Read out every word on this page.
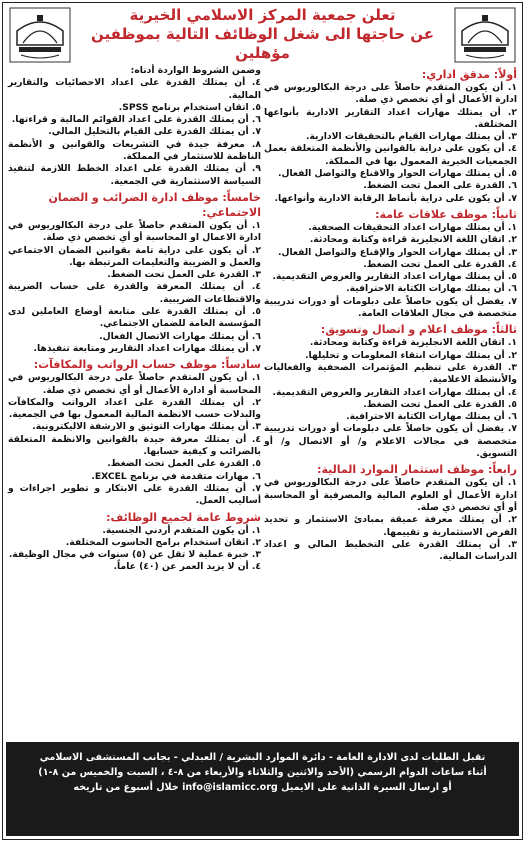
تعلن جمعية المركز الاسلامي الخيرية
عن حاجتها الى شغل الوظائف التالية بموظفين مؤهلين
أولاً: مدقق اداري:
١. أن يكون المتقدم حاصلاً على درجة البكالوريوس في ادارة الأعمال أو أي تخصص ذي صلة.
٢. أن يمتلك مهارات اعداد التقارير الادارية بأنواعها المختلفة.
٣. أن يمتلك مهارات القيام بالتحقيقات الادارية.
٤. أن يكون على دراية بالقوانين والأنظمة المتعلقة بعمل الجمعيات الخيرية المعمول بها في المملكة.
٥. أن يمتلك مهارات الحوار والاقناع والتواصل الفعال.
٦. القدرة على العمل تحت الضغط.
٧. أن يكون على دراية بأنماط الرقابة الادارية وأنواعها.
ثانياً: موظف علاقات عامة:
١. أن يمتلك مهارات اعداد التحقيقات الصحفية.
٢. اتقان اللغة الانجليزية قراءة وكتابة ومحادثة.
٣. أن يمتلك مهارات الحوار والإقناع والتواصل الفعال.
٤. القدرة على العمل تحت الضغط.
٥. أن يمتلك مهارات اعداد التقارير والعروض التقديمية.
٦. أن يمتلك مهارات الكتابة الاحترافية.
٧. يفضل أن يكون حاصلاً على دبلومات أو دورات تدريبية متخصصة في مجال العلاقات العامة.
ثالثاً: موظف اعلام و اتصال وتسويق:
١. اتقان اللغة الانجليزية قراءة وكتابة ومحادثة.
٢. أن يمتلك مهارات انتقاء المعلومات و تحليلها.
٣. القدرة على تنظيم المؤتمرات الصحفية والفعاليات والأنشطة الاعلامية.
٤. أن يمتلك مهارات اعداد التقارير والعروض التقديمية.
٥. القدرة على العمل تحت الضغط.
٦. أن يمتلك مهارات الكتابة الاحترافية.
٧. يفضل أن يكون حاصلاً على دبلومات أو دورات تدريبية متخصصة في مجالات الاعلام و/ أو الاتصال و/ أو التسويق.
رابعاً: موظف استثمار الموارد المالية:
١. أن يكون المتقدم حاصلاً على درجة البكالوريوس في ادارة الأعمال أو العلوم المالية والمصرفية أو المحاسبة أو أي تخصص ذي صلة.
٢. أن يمتلك معرفة عميقة بمبادئ الاستثمار و تحديد الفرص الاستثمارية و تقييمها.
٣. أن يمتلك القدرة على التخطيط المالي و اعداد الدراسات المالية.
وضمن الشروط الواردة أدناه:
٤. أن يمتلك القدرة على اعداد الاحصائيات والتقارير المالية.
٥. اتقان استخدام برنامج SPSS.
٦. أن يمتلك القدرة على اعداد القوائم المالية و قراءتها.
٧. أن يمتلك القدرة على القيام بالتحليل المالي.
٨. معرفة جيدة في التشريعات والقوانين و الأنظمة الناظمة للاستثمار في المملكة.
٩. أن يمتلك القدرة على اعداد الخطط اللازمة لتنفيذ السياسة الاستثمارية في الجمعية.
خامساً: موظف ادارة الضرائب و الضمان الاجتماعي:
١. أن يكون المتقدم حاصلاً على درجة البكالوريوس في ادارة الاعمال او المحاسبة أو أي تخصص ذي صلة.
٢. أن يكون على دراية تامة بقوانين الضمان الاجتماعي والعمل و الضريبة والتعليمات المرتبطة بها.
٣. القدرة على العمل تحت الضغط.
٤. أن يمتلك المعرفة والقدرة على حساب الضريبة والاقتطاعات الضريبية.
٥. أن يمتلك القدرة على متابعة أوضاع العاملين لدى المؤسسة العامة للضمان الاجتماعي.
٦. أن يمتلك مهارات الاتصال الفعال.
٧. أن يمتلك مهارات اعداد التقارير ومتابعة تنفيذها.
سادساً: موظف حساب الرواتب والمكافآت:
١. أن يكون المتقدم حاصلاً على درجة البكالوريوس في المحاسبة أو ادارة الأعمال أو أي تخصص ذي صلة.
٢. أن يمتلك القدرة على اعداد الرواتب والمكافآت والبدلات حسب الانظمة المالية المعمول بها في الجمعية.
٣. أن يمتلك مهارات التوثيق و الارشفة الاليكترونية.
٤. أن يمتلك معرفة جيدة بالقوانين والانظمة المتعلقة بالضرائب و كيفية حسابها.
٥. القدرة على العمل تحت الضغط.
٦. مهارات متقدمة في برنامج EXCEL.
٧. أن يمتلك القدرة على الابتكار و تطوير اجراءات و أساليب العمل.
شروط عامة لجميع الوظائف:
١. أن يكون المتقدم أردني الجنسية.
٢. اتقان استخدام برامج الحاسوب المختلفة.
٣. خبرة عملية لا تقل عن (٥) سنوات في مجال الوظيفة.
٤. أن لا يزيد العمر عن (٤٠) عاماً.
تقبل الطلبات لدى الادارة العامة - دائرة الموارد البشرية / العبدلي - بجانب المستشفى الاسلامي
أثناء ساعات الدوام الرسمي (الأحد والاثنين والثلاثاء والأربعاء من ٨-٤ ، السبت والخميس من ٨-١)
أو ارسال السيرة الذاتية على الايميل info@islamicc.org خلال أسبوع من تاريخه
